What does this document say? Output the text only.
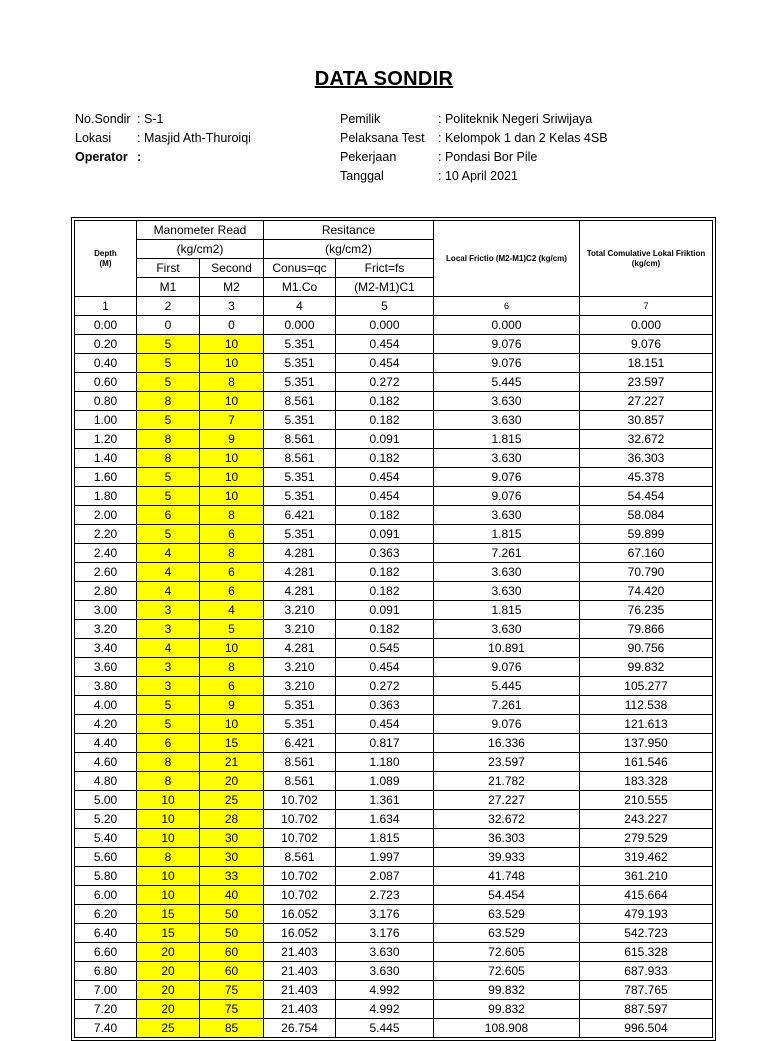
DATA SONDIR
No.Sondir : S-1
Lokasi	: Masjid Ath-Thuroiqi
Operator :
Pemilik	: Politeknik Negeri Sriwijaya
Pelaksana Test	: Kelompok 1 dan 2 Kelas 4SB
Pekerjaan	: Pondasi Bor Pile
Tanggal	: 10 April 2021
Depth
(M)	Manometer Read		Resitance		Local Frictio (M2-M1)C2 (kg/cm)	Total Comulative Lokal Friktion (kg/cm)
	(kg/cm2)		(kg/cm2)			
	First	Second	Conus=qc	Frict=fs		
	M1	M2	M1.Co	(M2-M1)C1		
1	2	3	4	5	6	7
0.00	0	0	0.000	0.000	0.000	0.000
0.20	5	10	5.351	0.454	9.076	9.076
0.40	5	10	5.351	0.454	9.076	18.151
0.60	5	8	5.351	0.272	5.445	23.597
0.80	8	10	8.561	0.182	3.630	27.227
1.00	5	7	5.351	0.182	3.630	30.857
1.20	8	9	8.561	0.091	1.815	32.672
1.40	8	10	8.561	0.182	3.630	36.303
1.60	5	10	5.351	0.454	9.076	45.378
1.80	5	10	5.351	0.454	9.076	54.454
2.00	6	8	6.421	0.182	3.630	58.084
2.20	5	6	5.351	0.091	1.815	59.899
2.40	4	8	4.281	0.363	7.261	67.160
2.60	4	6	4.281	0.182	3.630	70.790
2.80	4	6	4.281	0.182	3.630	74.420
3.00	3	4	3.210	0.091	1.815	76.235
3.20	3	5	3.210	0.182	3.630	79.866
3.40	4	10	4.281	0.545	10.891	90.756
3.60	3	8	3.210	0.454	9.076	99.832
3.80	3	6	3.210	0.272	5.445	105.277
4.00	5	9	5.351	0.363	7.261	112.538
4.20	5	10	5.351	0.454	9.076	121.613
4.40	6	15	6.421	0.817	16.336	137.950
4.60	8	21	8.561	1.180	23.597	161.546
4.80	8	20	8.561	1.089	21.782	183.328
5.00	10	25	10.702	1.361	27.227	210.555
5.20	10	28	10.702	1.634	32.672	243.227
5.40	10	30	10.702	1.815	36.303	279.529
5.60	8	30	8.561	1.997	39.933	319.462
5.80	10	33	10.702	2.087	41.748	361.210
6.00	10	40	10.702	2.723	54.454	415.664
6.20	15	50	16.052	3.176	63.529	479.193
6.40	15	50	16.052	3.176	63.529	542.723
6.60	20	60	21.403	3.630	72.605	615.328
6.80	20	60	21.403	3.630	72.605	687.933
7.00	20	75	21.403	4.992	99.832	787.765
7.20	20	75	21.403	4.992	99.832	887.597
7.40	25	85	26.754	5.445	108.908	996.504
